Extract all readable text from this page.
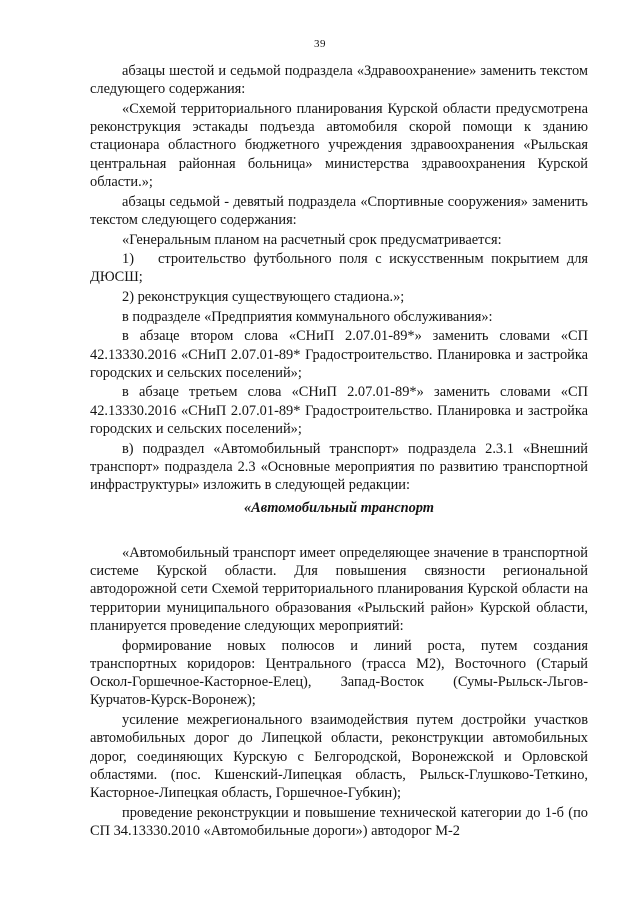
39

абзацы шестой и седьмой подраздела «Здравоохранение» заменить текстом следующего содержания:

«Схемой территориального планирования Курской области предусмотрена реконструкция эстакады подъезда автомобиля скорой помощи к зданию стационара областного бюджетного учреждения здравоохранения «Рыльская центральная районная больница» министерства здравоохранения Курской области.»;

абзацы седьмой - девятый подраздела «Спортивные сооружения» заменить текстом следующего содержания:

«Генеральным планом на расчетный срок предусматривается:

1) строительство футбольного поля с искусственным покрытием для ДЮСШ;

2) реконструкция существующего стадиона.»;

в подразделе «Предприятия коммунального обслуживания»:

в абзаце втором слова «СНиП 2.07.01-89*» заменить словами «СП 42.13330.2016 «СНиП 2.07.01-89* Градостроительство. Планировка и застройка городских и сельских поселений»;

в абзаце третьем слова «СНиП 2.07.01-89*» заменить словами «СП 42.13330.2016 «СНиП 2.07.01-89* Градостроительство. Планировка и застройка городских и сельских поселений»;

в) подраздел «Автомобильный транспорт» подраздела 2.3.1 «Внешний транспорт» подраздела 2.3 «Основные мероприятия по развитию транспортной инфраструктуры» изложить в следующей редакции:

«Автомобильный транспорт

«Автомобильный транспорт имеет определяющее значение в транспортной системе Курской области. Для повышения связности региональной автодорожной сети Схемой территориального планирования Курской области на территории муниципального образования «Рыльский район» Курской области, планируется проведение следующих мероприятий:

формирование новых полюсов и линий роста, путем создания транспортных коридоров: Центрального (трасса М2), Восточного (Старый Оскол-Горшечное-Касторное-Елец), Запад-Восток (Сумы-Рыльск-Льгов-Курчатов-Курск-Воронеж);

усиление межрегионального взаимодействия путем достройки участков автомобильных дорог до Липецкой области, реконструкции автомобильных дорог, соединяющих Курскую с Белгородской, Воронежской и Орловской областями. (пос. Кшенский-Липецкая область, Рыльск-Глушково-Теткино, Касторное-Липецкая область, Горшечное-Губкин);

проведение реконструкции и повышение технической категории до 1-б (по СП 34.13330.2010 «Автомобильные дороги») автодорог М-2
